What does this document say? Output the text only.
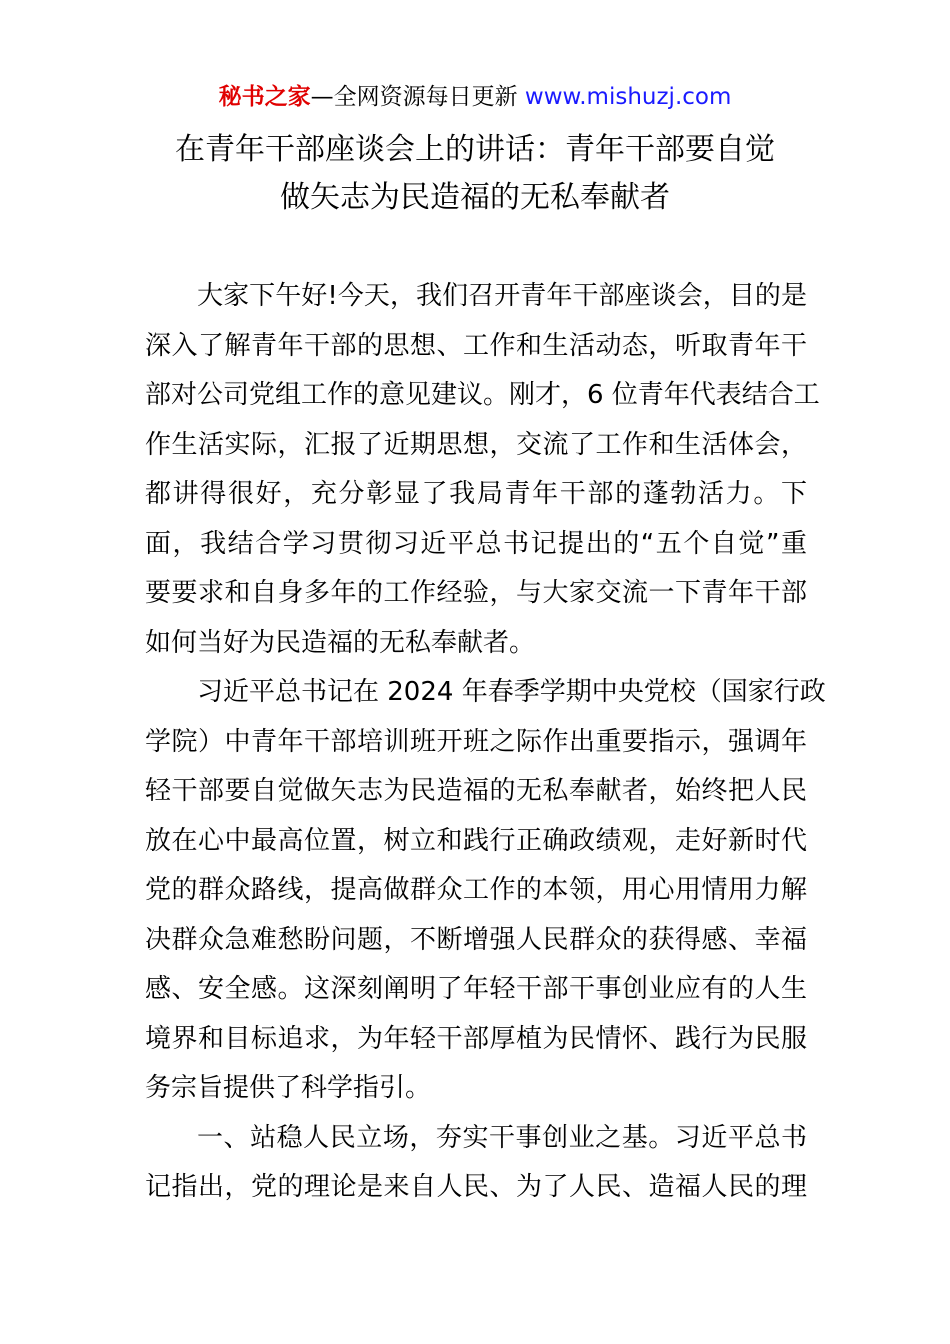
秘书之家—全网资源每日更新 www.mishuzj.com
在青年干部座谈会上的讲话：青年干部要自觉
做矢志为民造福的无私奉献者
大家下午好!今天，我们召开青年干部座谈会，目的是
深入了解青年干部的思想、工作和生活动态，听取青年干
部对公司党组工作的意见建议。刚才，6 位青年代表结合工
作生活实际，汇报了近期思想，交流了工作和生活体会，
都讲得很好，充分彰显了我局青年干部的蓬勃活力。下
面，我结合学习贯彻习近平总书记提出的“五个自觉”重
要要求和自身多年的工作经验，与大家交流一下青年干部
如何当好为民造福的无私奉献者。
习近平总书记在 2024 年春季学期中央党校（国家行政
学院）中青年干部培训班开班之际作出重要指示，强调年
轻干部要自觉做矢志为民造福的无私奉献者，始终把人民
放在心中最高位置，树立和践行正确政绩观，走好新时代
党的群众路线，提高做群众工作的本领，用心用情用力解
决群众急难愁盼问题，不断增强人民群众的获得感、幸福
感、安全感。这深刻阐明了年轻干部干事创业应有的人生
境界和目标追求，为年轻干部厚植为民情怀、践行为民服
务宗旨提供了科学指引。
一、站稳人民立场，夯实干事创业之基。习近平总书
记指出，党的理论是来自人民、为了人民、造福人民的理
